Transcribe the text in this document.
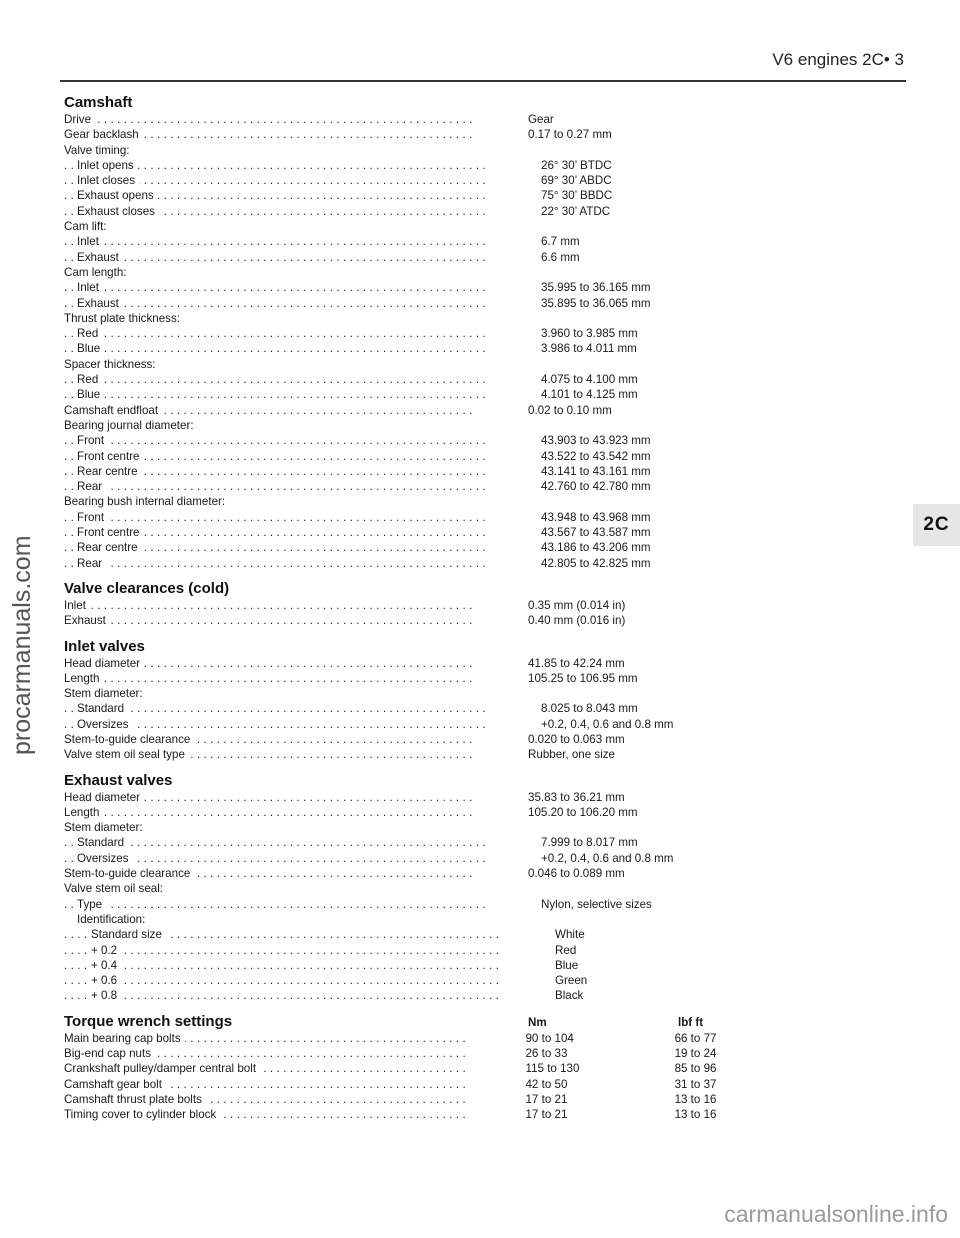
V6 engines 2C• 3
2C
procarmanuals.com
carmanualsonline.info
Camshaft
Drive . . .	Gear
Gear backlash . . .	0.17 to 0.27 mm
Valve timing:
Inlet opens . . .	26° 30’ BTDC
Inlet closes . . .	69° 30’ ABDC
Exhaust opens . . .	75° 30’ BBDC
Exhaust closes . . .	22° 30’ ATDC
Cam lift:
Inlet . . .	6.7 mm
Exhaust . . .	6.6 mm
Cam length:
Inlet . . .	35.995 to 36.165 mm
Exhaust . . .	35.895 to 36.065 mm
Thrust plate thickness:
Red . . .	3.960 to 3.985 mm
Blue . . .	3.986 to 4.011 mm
Spacer thickness:
Red . . .	4.075 to 4.100 mm
Blue . . .	4.101 to 4.125 mm
Camshaft endfloat . . .	0.02 to 0.10 mm
Bearing journal diameter:
Front . . .	43.903 to 43.923 mm
Front centre . . .	43.522 to 43.542 mm
Rear centre . . .	43.141 to 43.161 mm
Rear . . .	42.760 to 42.780 mm
Bearing bush internal diameter:
Front . . .	43.948 to 43.968 mm
Front centre . . .	43.567 to 43.587 mm
Rear centre . . .	43.186 to 43.206 mm
Rear . . .	42.805 to 42.825 mm
Valve clearances (cold)
Inlet . . .	0.35 mm (0.014 in)
Exhaust . . .	0.40 mm (0.016 in)
Inlet valves
Head diameter . . .	41.85 to 42.24 mm
Length . . .	105.25 to 106.95 mm
Stem diameter:
Standard . . .	8.025 to 8.043 mm
Oversizes . . .	+0.2, 0.4, 0.6 and 0.8 mm
Stem-to-guide clearance . . .	0.020 to 0.063 mm
Valve stem oil seal type . . .	Rubber, one size
Exhaust valves
Head diameter . . .	35.83 to 36.21 mm
Length . . .	105.20 to 106.20 mm
Stem diameter:
Standard . . .	7.999 to 8.017 mm
Oversizes . . .	+0.2, 0.4, 0.6 and 0.8 mm
Stem-to-guide clearance . . .	0.046 to 0.089 mm
Valve stem oil seal:
Type . . .	Nylon, selective sizes
Identification:
Standard size . . .	White
+ 0.2 . . .	Red
+ 0.4 . . .	Blue
+ 0.6 . . .	Green
+ 0.8 . . .	Black
Torque wrench settings	Nm	lbf ft
Main bearing cap bolts . . .	90 to 104	66 to 77
Big-end cap nuts . . .	26 to 33	19 to 24
Crankshaft pulley/damper central bolt . . .	115 to 130	85 to 96
Camshaft gear bolt . . .	42 to 50	31 to 37
Camshaft thrust plate bolts . . .	17 to 21	13 to 16
Timing cover to cylinder block . . .	17 to 21	13 to 16
